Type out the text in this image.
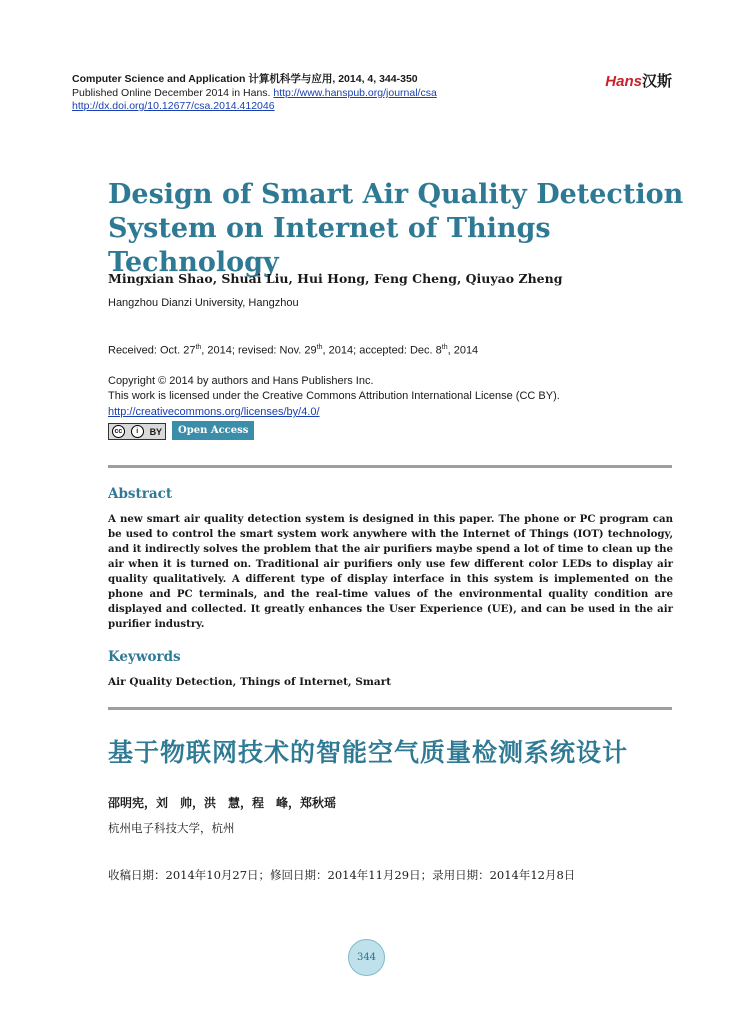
Computer Science and Application 计算机科学与应用, 2014, 4, 344-350
Published Online December 2014 in Hans. http://www.hanspub.org/journal/csa
http://dx.doi.org/10.12677/csa.2014.412046
Hans汉斯
Design of Smart Air Quality Detection System on Internet of Things Technology
Mingxian Shao, Shuai Liu, Hui Hong, Feng Cheng, Qiuyao Zheng
Hangzhou Dianzi University, Hangzhou
Received: Oct. 27th, 2014; revised: Nov. 29th, 2014; accepted: Dec. 8th, 2014
Copyright © 2014 by authors and Hans Publishers Inc.
This work is licensed under the Creative Commons Attribution International License (CC BY).
http://creativecommons.org/licenses/by/4.0/
cc	i	BY	Open Access
Abstract
A new smart air quality detection system is designed in this paper. The phone or PC program can be used to control the smart system work anywhere with the Internet of Things (IOT) technology, and it indirectly solves the problem that the air purifiers maybe spend a lot of time to clean up the air when it is turned on. Traditional air purifiers only use few different color LEDs to display air quality qualitatively. A different type of display interface in this system is implemented on the phone and PC terminals, and the real-time values of the environmental quality condition are displayed and collected. It greatly enhances the User Experience (UE), and can be used in the air purifier industry.
Keywords
Air Quality Detection, Things of Internet, Smart
基于物联网技术的智能空气质量检测系统设计
邵明宪，刘　帅，洪　慧，程　峰，郑秋瑶
杭州电子科技大学，杭州
收稿日期：2014年10月27日；修回日期：2014年11月29日；录用日期：2014年12月8日
344
